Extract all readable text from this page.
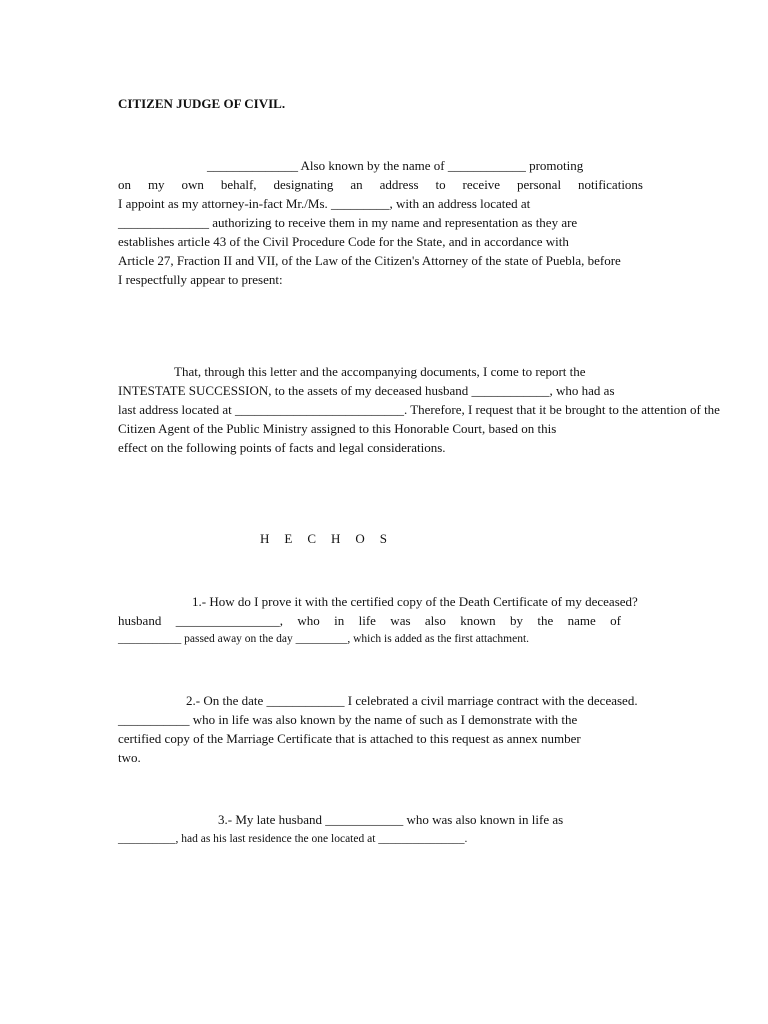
CITIZEN JUDGE OF CIVIL.

______________ Also known by the name of ____________ promoting

on my own behalf, designating an address to receive personal notifications

I appoint as my attorney-in-fact Mr./Ms. _________, with an address located at

______________ authorizing to receive them in my name and representation as they are

establishes article 43 of the Civil Procedure Code for the State, and in accordance with

Article 27, Fraction II and VII, of the Law of the Citizen's Attorney of the state of Puebla, before

I respectfully appear to present:

That, through this letter and the accompanying documents, I come to report the

INTESTATE SUCCESSION, to the assets of my deceased husband ____________, who had as

last address located at __________________________. Therefore, I request that it be brought to the attention of the

Citizen Agent of the Public Ministry assigned to this Honorable Court, based on this

effect on the following points of facts and legal considerations.

HECHOS

1.- How do I prove it with the certified copy of the Death Certificate of my deceased?

husband ________________, who in life was also known by the name of

___________ passed away on the day _________, which is added as the first attachment.

2.- On the date ____________ I celebrated a civil marriage contract with the deceased.

___________ who in life was also known by the name of such as I demonstrate with the

certified copy of the Marriage Certificate that is attached to this request as annex number

two.

3.- My late husband ____________ who was also known in life as

__________, had as his last residence the one located at _______________.
